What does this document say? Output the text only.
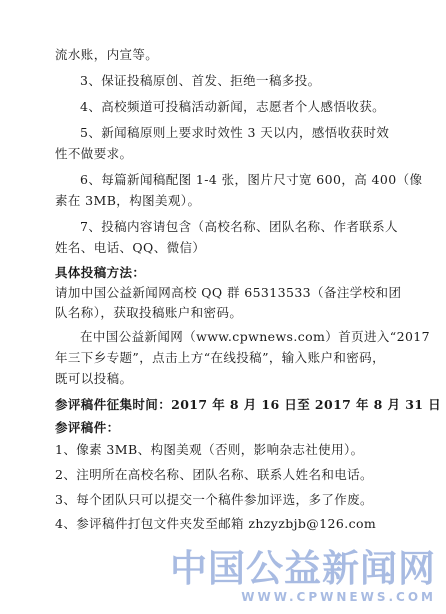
流水账，内宣等。
3、保证投稿原创、首发、拒绝一稿多投。
4、高校频道可投稿活动新闻，志愿者个人感悟收获。
5、新闻稿原则上要求时效性 3 天以内，感悟收获时效
性不做要求。
6、每篇新闻稿配图 1-4 张，图片尺寸宽 600，高 400（像
素在 3MB，构图美观）。
7、投稿内容请包含（高校名称、团队名称、作者联系人
姓名、电话、QQ、微信）
具体投稿方法：
请加中国公益新闻网高校 QQ 群 65313533（备注学校和团
队名称），获取投稿账户和密码。
在中国公益新闻网（www.cpwnews.com）首页进入“2017
年三下乡专题”，点击上方“在线投稿”，输入账户和密码，
既可以投稿。
参评稿件征集时间：2017 年 8 月 16 日至 2017 年 8 月 31 日
参评稿件：
1、像素 3MB、构图美观（否则，影响杂志社使用）。
2、注明所在高校名称、团队名称、联系人姓名和电话。
3、每个团队只可以提交一个稿件参加评选，多了作废。
4、参评稿件打包文件夹发至邮箱 zhzyzbjb@126.com
中国公益新闻网
WWW.CPWNEWS.COM
